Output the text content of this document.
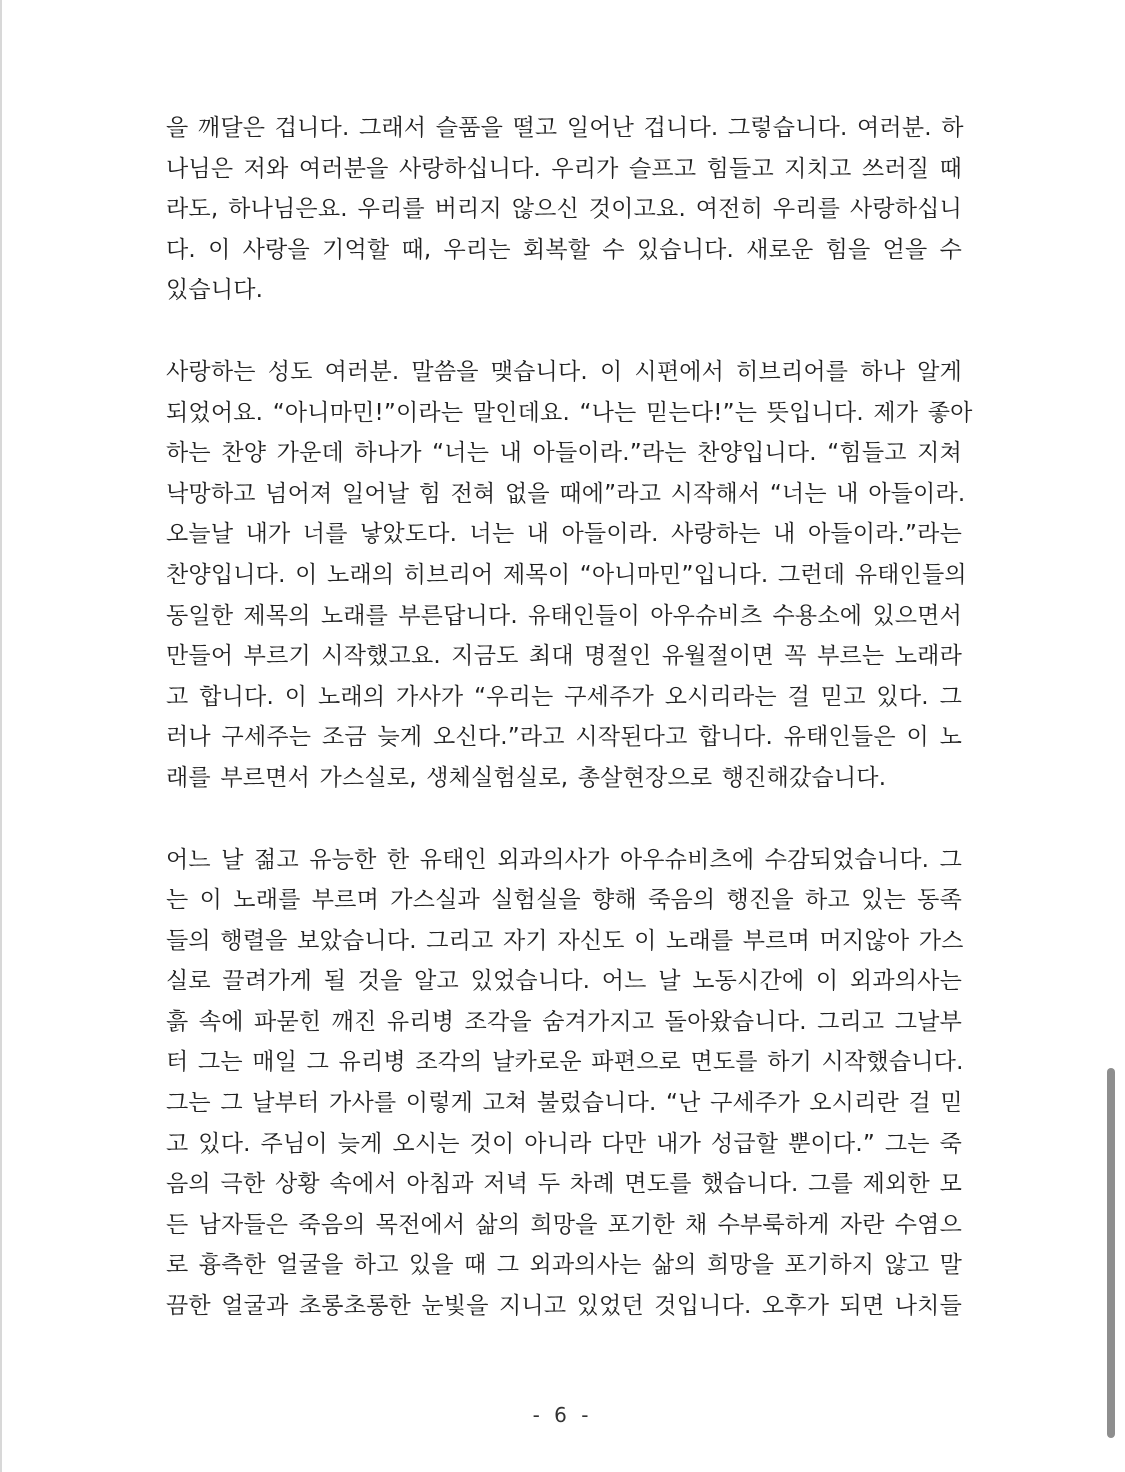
을 깨달은 겁니다. 그래서 슬품을 떨고 일어난 겁니다. 그렇습니다. 여러분. 하
나님은 저와 여러분을 사랑하십니다. 우리가 슬프고 힘들고 지치고 쓰러질 때
라도, 하나님은요. 우리를 버리지 않으신 것이고요. 여전히 우리를 사랑하십니
다. 이 사랑을 기억할 때, 우리는 회복할 수 있습니다. 새로운 힘을 얻을 수
있습니다.

사랑하는 성도 여러분. 말씀을 맺습니다. 이 시편에서 히브리어를 하나 알게
되었어요. “아니마민!”이라는 말인데요. “나는 믿는다!”는 뜻입니다. 제가 좋아
하는 찬양 가운데 하나가 “너는 내 아들이라.”라는 찬양입니다. “힘들고 지쳐
낙망하고 넘어져 일어날 힘 전혀 없을 때에”라고 시작해서 “너는 내 아들이라.
오늘날 내가 너를 낳았도다. 너는 내 아들이라. 사랑하는 내 아들이라.”라는
찬양입니다. 이 노래의 히브리어 제목이 “아니마민”입니다. 그런데 유태인들의
동일한 제목의 노래를 부른답니다. 유태인들이 아우슈비츠 수용소에 있으면서
만들어 부르기 시작했고요. 지금도 최대 명절인 유월절이면 꼭 부르는 노래라
고 합니다. 이 노래의 가사가 “우리는 구세주가 오시리라는 걸 믿고 있다. 그
러나 구세주는 조금 늦게 오신다.”라고 시작된다고 합니다. 유태인들은 이 노
래를 부르면서 가스실로, 생체실험실로, 총살현장으로 행진해갔습니다.

어느 날 젊고 유능한 한 유태인 외과의사가 아우슈비츠에 수감되었습니다. 그
는 이 노래를 부르며 가스실과 실험실을 향해 죽음의 행진을 하고 있는 동족
들의 행렬을 보았습니다. 그리고 자기 자신도 이 노래를 부르며 머지않아 가스
실로 끌려가게 될 것을 알고 있었습니다. 어느 날 노동시간에 이 외과의사는
흙 속에 파묻힌 깨진 유리병 조각을 숨겨가지고 돌아왔습니다. 그리고 그날부
터 그는 매일 그 유리병 조각의 날카로운 파편으로 면도를 하기 시작했습니다.
그는 그 날부터 가사를 이렇게 고쳐 불렀습니다. “난 구세주가 오시리란 걸 믿
고 있다. 주님이 늦게 오시는 것이 아니라 다만 내가 성급할 뿐이다.” 그는 죽
음의 극한 상황 속에서 아침과 저녁 두 차례 면도를 했습니다. 그를 제외한 모
든 남자들은 죽음의 목전에서 삶의 희망을 포기한 채 수부룩하게 자란 수염으
로 흉측한 얼굴을 하고 있을 때 그 외과의사는 삶의 희망을 포기하지 않고 말
끔한 얼굴과 초롱초롱한 눈빛을 지니고 있었던 것입니다. 오후가 되면 나치들

- 6 -
